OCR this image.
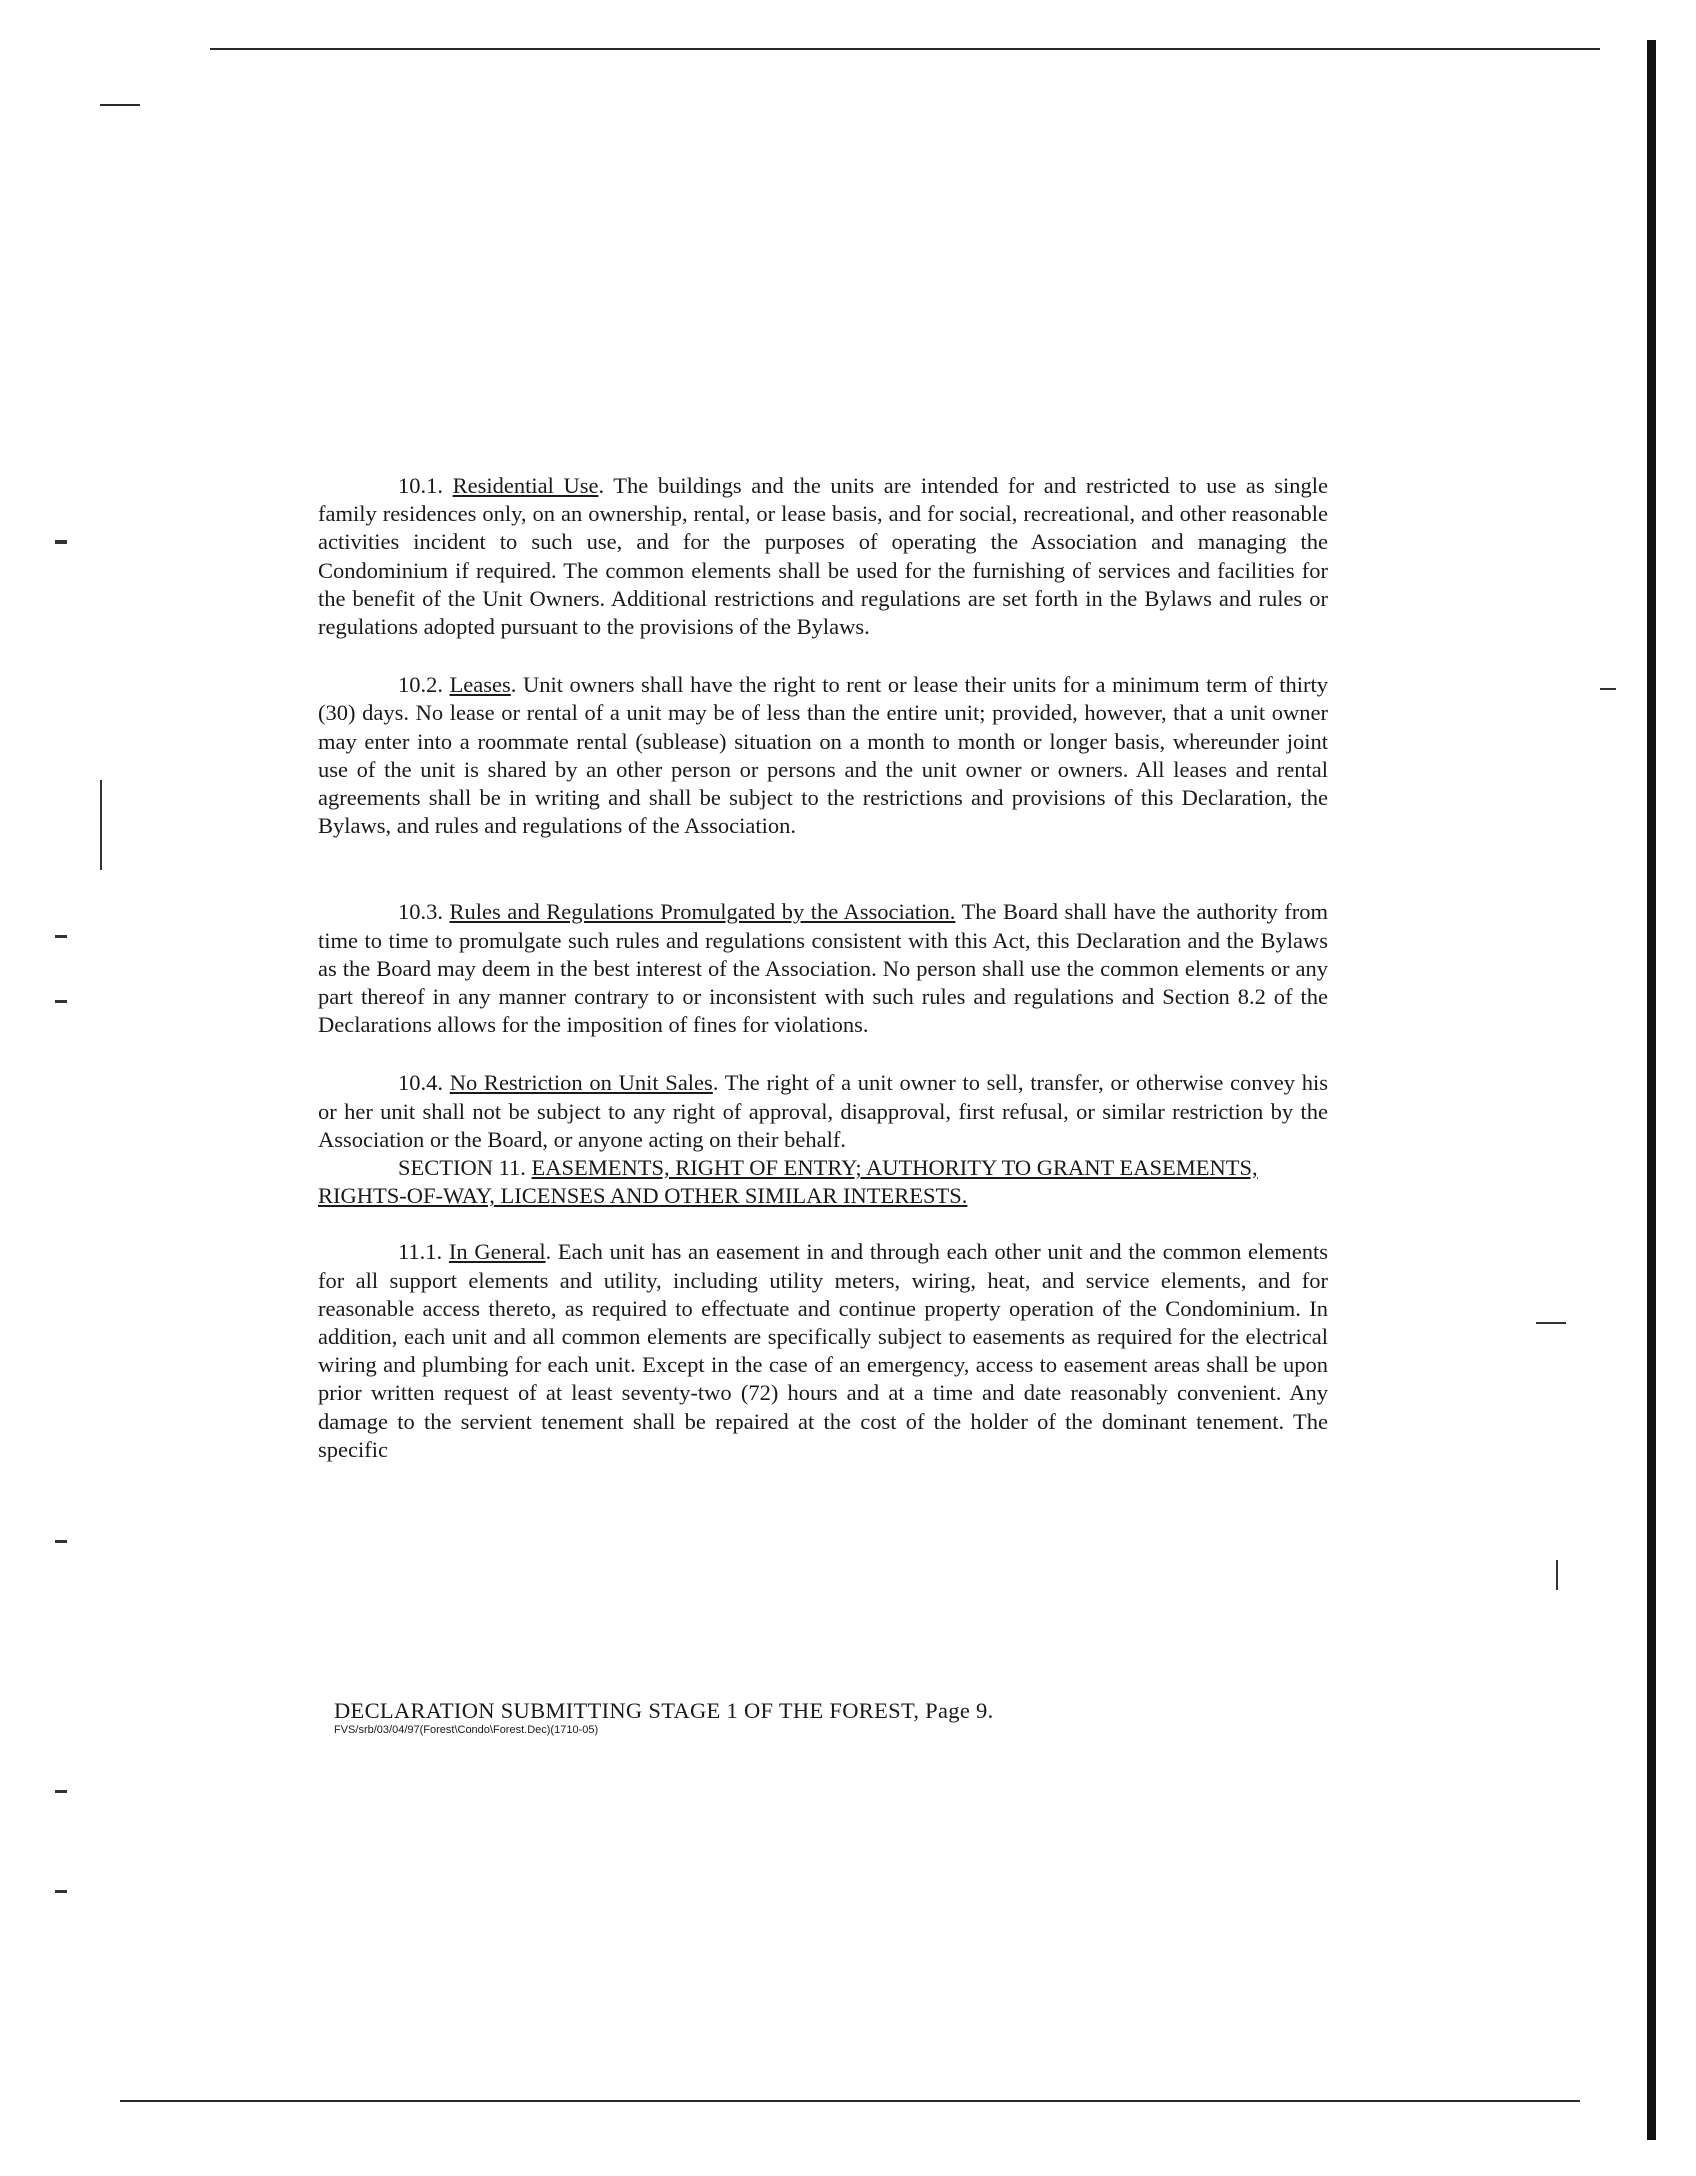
10.1. Residential Use. The buildings and the units are intended for and restricted to use as single family residences only, on an ownership, rental, or lease basis, and for social, recreational, and other reasonable activities incident to such use, and for the purposes of operating the Association and managing the Condominium if required. The common elements shall be used for the furnishing of services and facilities for the benefit of the Unit Owners. Additional restrictions and regulations are set forth in the Bylaws and rules or regulations adopted pursuant to the provisions of the Bylaws.

10.2. Leases. Unit owners shall have the right to rent or lease their units for a minimum term of thirty (30) days. No lease or rental of a unit may be of less than the entire unit; provided, however, that a unit owner may enter into a roommate rental (sublease) situation on a month to month or longer basis, whereunder joint use of the unit is shared by an other person or persons and the unit owner or owners. All leases and rental agreements shall be in writing and shall be subject to the restrictions and provisions of this Declaration, the Bylaws, and rules and regulations of the Association.

10.3. Rules and Regulations Promulgated by the Association. The Board shall have the authority from time to time to promulgate such rules and regulations consistent with this Act, this Declaration and the Bylaws as the Board may deem in the best interest of the Association. No person shall use the common elements or any part thereof in any manner contrary to or inconsistent with such rules and regulations and Section 8.2 of the Declarations allows for the imposition of fines for violations.

10.4. No Restriction on Unit Sales. The right of a unit owner to sell, transfer, or otherwise convey his or her unit shall not be subject to any right of approval, disapproval, first refusal, or similar restriction by the Association or the Board, or anyone acting on their behalf.

SECTION 11. EASEMENTS, RIGHT OF ENTRY; AUTHORITY TO GRANT EASEMENTS, RIGHTS-OF-WAY, LICENSES AND OTHER SIMILAR INTERESTS.

11.1. In General. Each unit has an easement in and through each other unit and the common elements for all support elements and utility, including utility meters, wiring, heat, and service elements, and for reasonable access thereto, as required to effectuate and continue property operation of the Condominium. In addition, each unit and all common elements are specifically subject to easements as required for the electrical wiring and plumbing for each unit. Except in the case of an emergency, access to easement areas shall be upon prior written request of at least seventy-two (72) hours and at a time and date reasonably convenient. Any damage to the servient tenement shall be repaired at the cost of the holder of the dominant tenement. The specific

DECLARATION SUBMITTING STAGE 1 OF THE FOREST, Page 9.
FVS/srb/03/04/97(Forest\Condo\Forest.Dec)(1710-05)
